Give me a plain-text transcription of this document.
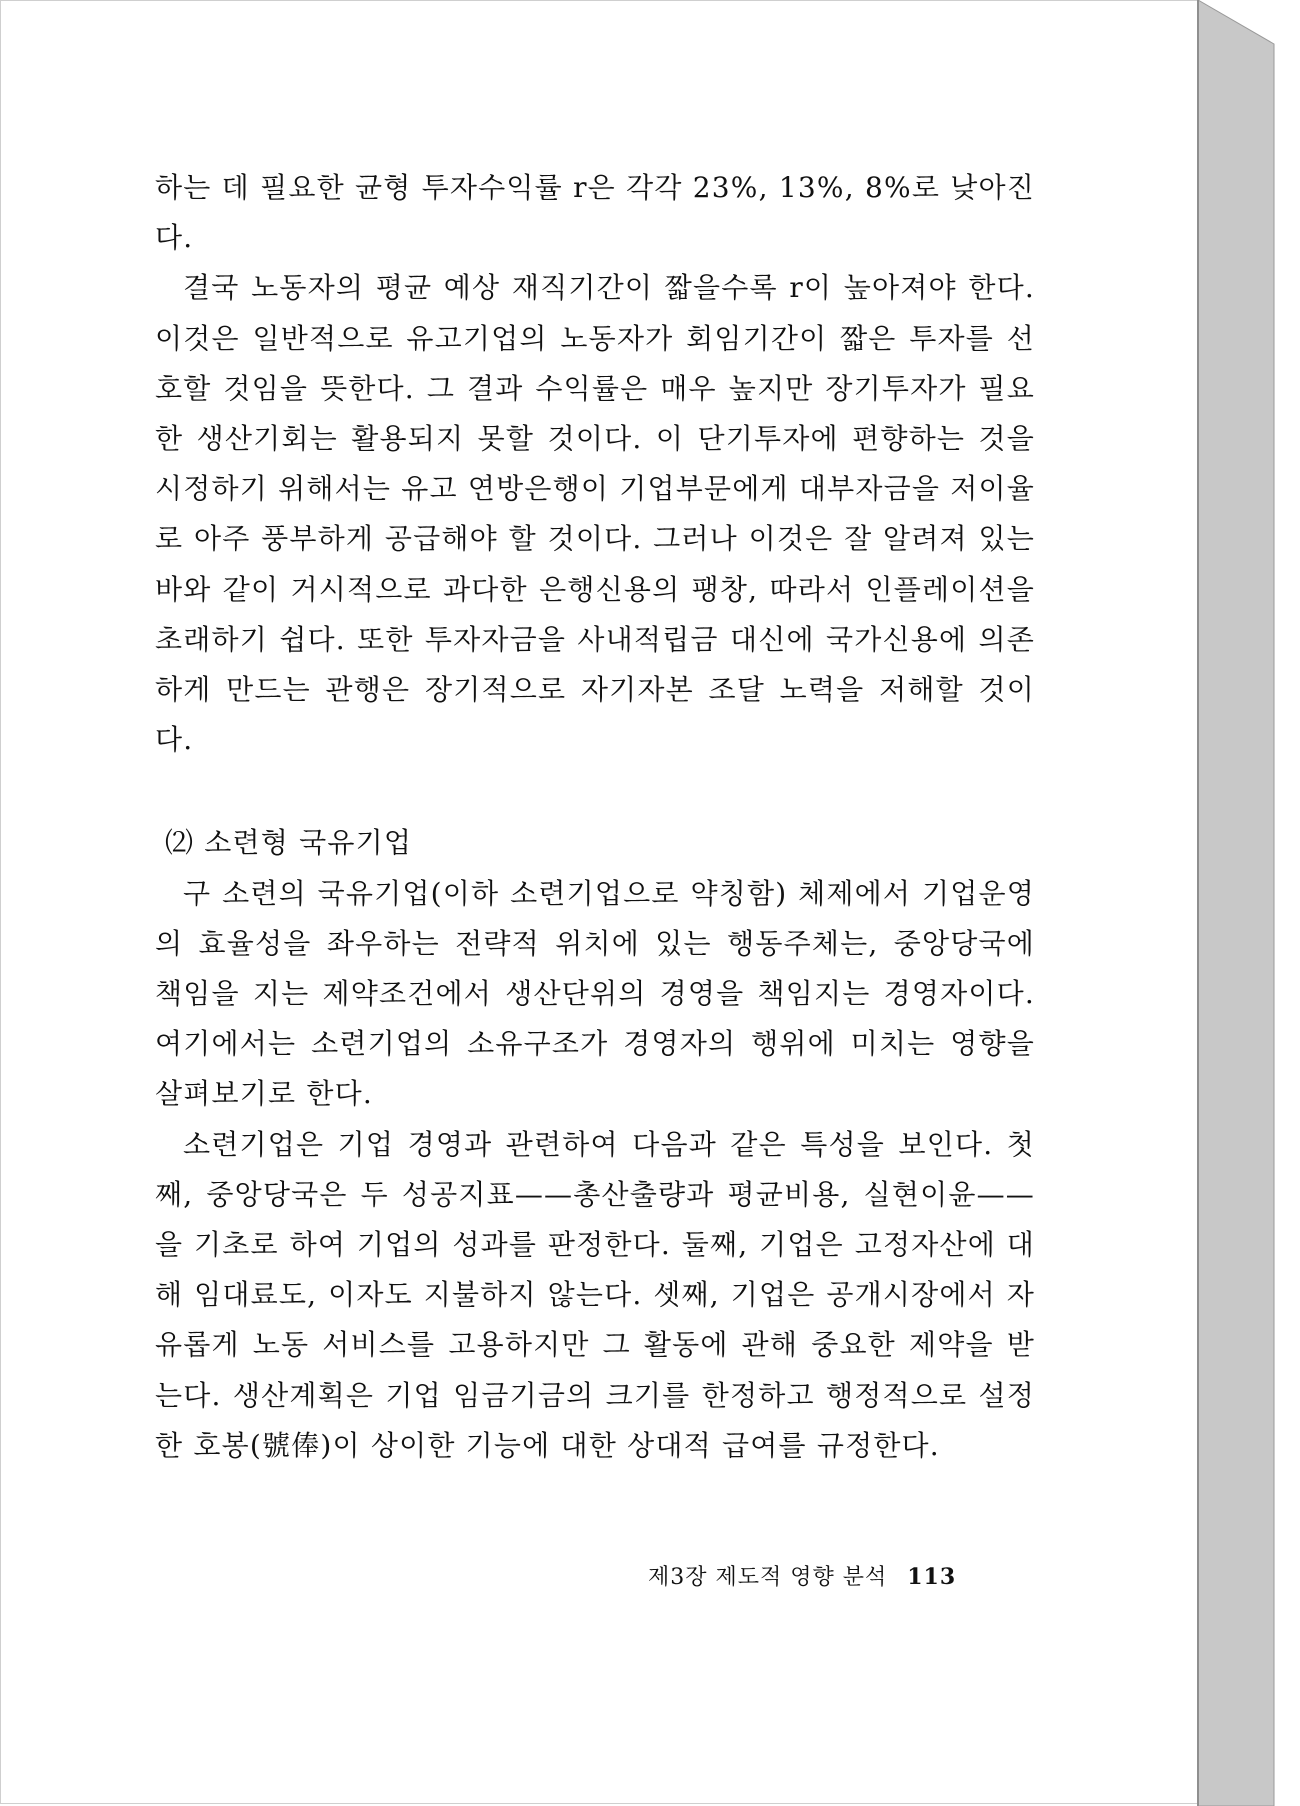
하는 데 필요한 균형 투자수익률 r은 각각 23%, 13%, 8%로 낮아진다.

결국 노동자의 평균 예상 재직기간이 짧을수록 r이 높아져야 한다. 이것은 일반적으로 유고기업의 노동자가 회임기간이 짧은 투자를 선호할 것임을 뜻한다. 그 결과 수익률은 매우 높지만 장기투자가 필요한 생산기회는 활용되지 못할 것이다. 이 단기투자에 편향하는 것을 시정하기 위해서는 유고 연방은행이 기업부문에게 대부자금을 저이율로 아주 풍부하게 공급해야 할 것이다. 그러나 이것은 잘 알려져 있는 바와 같이 거시적으로 과다한 은행신용의 팽창, 따라서 인플레이션을 초래하기 쉽다. 또한 투자자금을 사내적립금 대신에 국가신용에 의존하게 만드는 관행은 장기적으로 자기자본 조달 노력을 저해할 것이다.

⑵ 소련형 국유기업

구 소련의 국유기업(이하 소련기업으로 약칭함) 체제에서 기업운영의 효율성을 좌우하는 전략적 위치에 있는 행동주체는, 중앙당국에 책임을 지는 제약조건에서 생산단위의 경영을 책임지는 경영자이다. 여기에서는 소련기업의 소유구조가 경영자의 행위에 미치는 영향을 살펴보기로 한다.

소련기업은 기업 경영과 관련하여 다음과 같은 특성을 보인다. 첫째, 중앙당국은 두 성공지표——총산출량과 평균비용, 실현이윤——을 기초로 하여 기업의 성과를 판정한다. 둘째, 기업은 고정자산에 대해 임대료도, 이자도 지불하지 않는다. 셋째, 기업은 공개시장에서 자유롭게 노동 서비스를 고용하지만 그 활동에 관해 중요한 제약을 받는다. 생산계획은 기업 임금기금의 크기를 한정하고 행정적으로 설정한 호봉(號俸)이 상이한 기능에 대한 상대적 급여를 규정한다.

제3장 제도적 영향 분석 113
